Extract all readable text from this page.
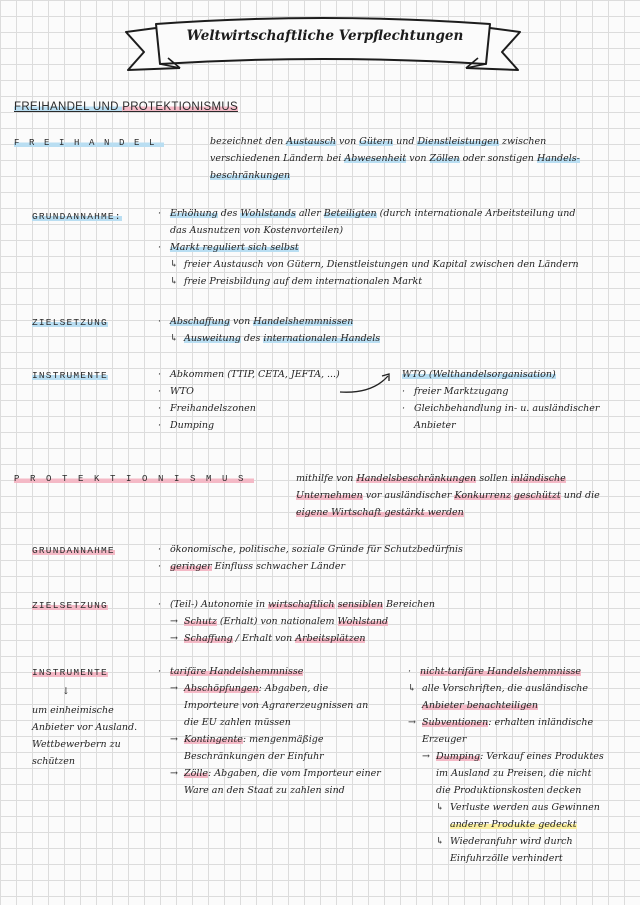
Weltwirtschaftliche Verpflechtungen
FREIHANDEL UND PROTEKTIONISMUS
FREIHANDEL	bezeichnet den Austausch von Gütern und Dienstleistungen zwischen
verschiedenen Ländern bei Abwesenheit von Zöllen oder sonstigen Handels-
beschränkungen
GRUNDANNAHME:	· Erhöhung des Wohlstands aller Beteiligten (durch internationale Arbeitsteilung und
das Ausnutzen von Kostenvorteilen)
· Markt reguliert sich selbst
↳ freier Austausch von Gütern, Dienstleistungen und Kapital zwischen den Ländern
↳ freie Preisbildung auf dem internationalen Markt
ZIELSETZUNG	· Abschaffung von Handelshemmnissen
↳ Ausweitung des internationalen Handels
INSTRUMENTE	· Abkommen (TTIP, CETA, JEFTA, ...)
· WTO
· Freihandelszonen
· Dumping
WTO (Welthandelsorganisation)
· freier Marktzugang
· Gleichbehandlung in- u. ausländischer
Anbieter
PROTEKTIONISMUS	mithilfe von Handelsbeschränkungen sollen inländische
Unternehmen vor ausländischer Konkurrenz geschützt und die
eigene Wirtschaft gestärkt werden
GRUNDANNAHME	· ökonomische, politische, soziale Gründe für Schutzbedürfnis
· geringer Einfluss schwacher Länder
ZIELSETZUNG	· (Teil-) Autonomie in wirtschaftlich sensiblen Bereichen
→ Schutz (Erhalt) von nationalem Wohlstand
→ Schaffung / Erhalt von Arbeitsplätzen
INSTRUMENTE
↓
um einheimische
Anbieter vor Ausland.
Wettbewerbern zu
schützen
· tarifäre Handelshemmnisse
→ Abschöpfungen: Abgaben, die
Importeure von Agrarerzeugnissen an
die EU zahlen müssen
→ Kontingente: mengenmäßige
Beschränkungen der Einfuhr
→ Zölle: Abgaben, die vom Importeur einer
Ware an den Staat zu zahlen sind
· nicht-tarifäre Handelshemmnisse
↳ alle Vorschriften, die ausländische
Anbieter benachteiligen
→ Subventionen: erhalten inländische
Erzeuger
→ Dumping: Verkauf eines Produktes
im Ausland zu Preisen, die nicht
die Produktionskosten decken
↳ Verluste werden aus Gewinnen
anderer Produkte gedeckt
↳ Wiederanfuhr wird durch
Einfuhrzölle verhindert
